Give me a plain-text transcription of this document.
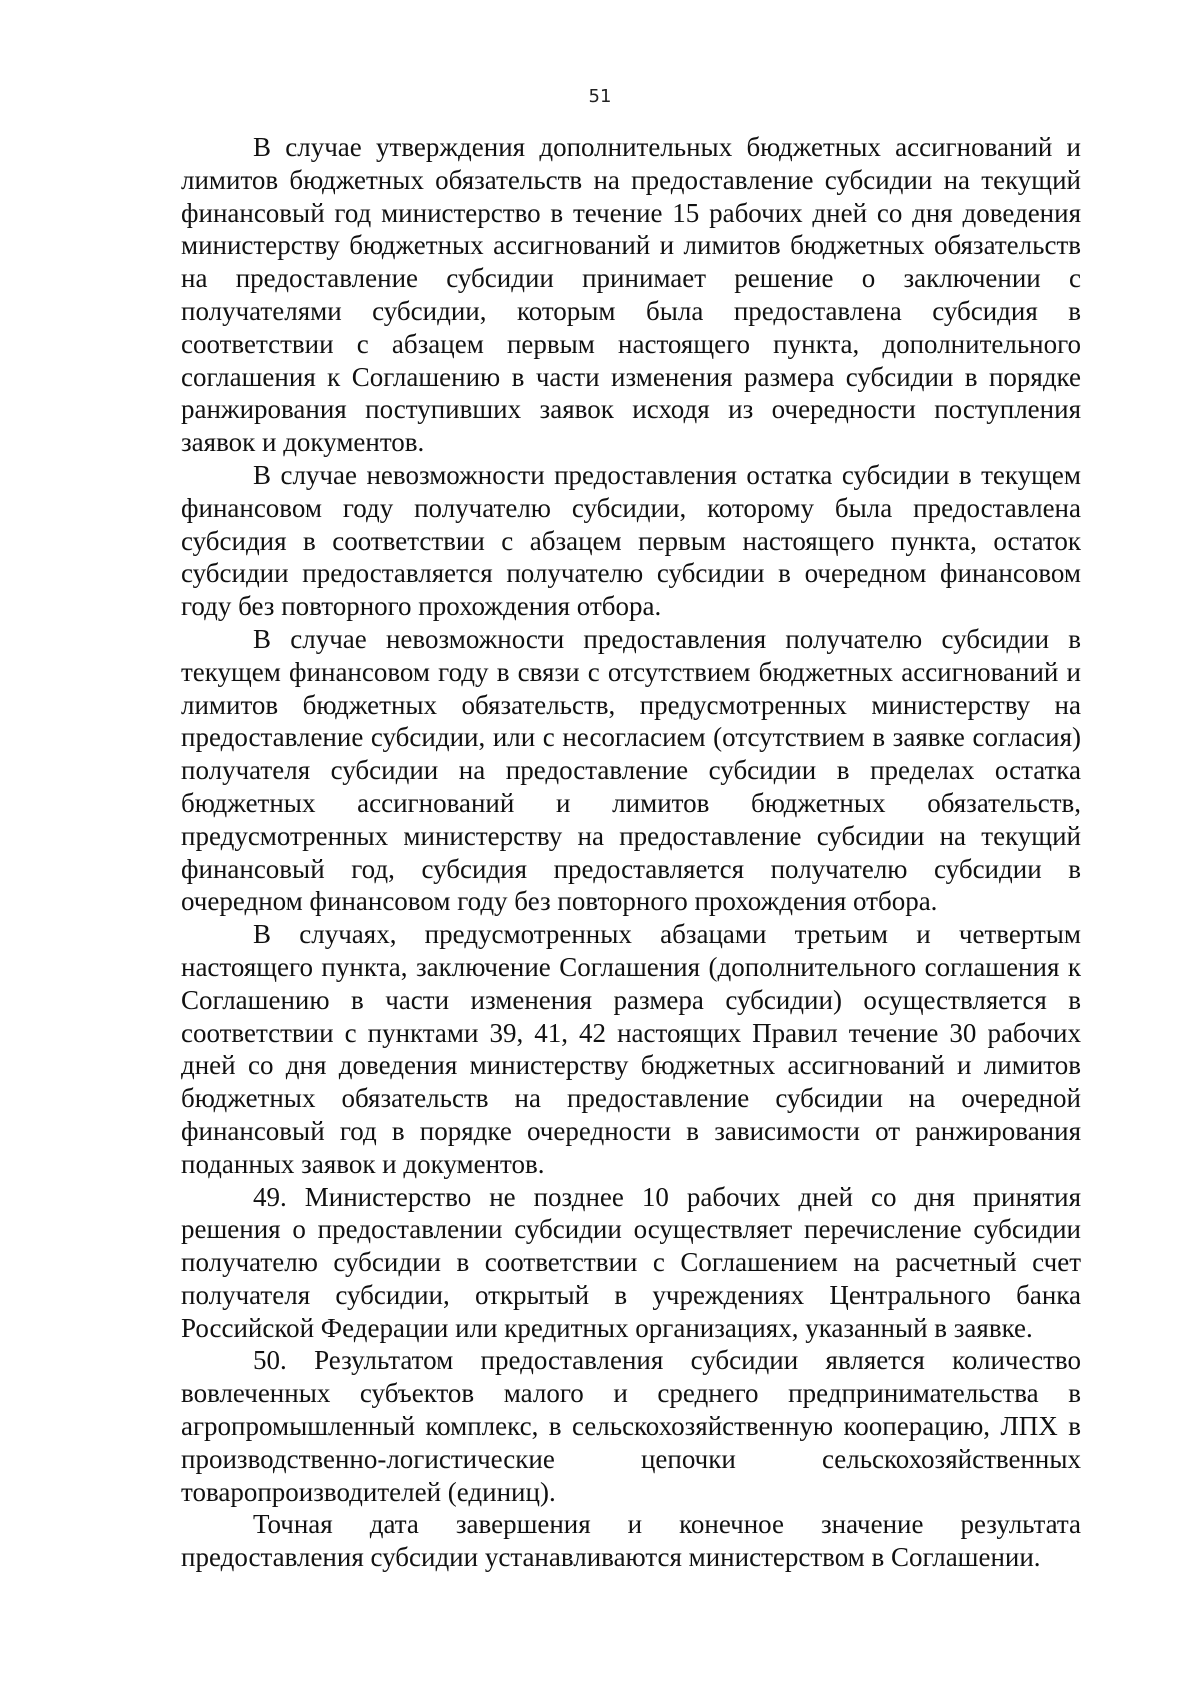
51

В случае утверждения дополнительных бюджетных ассигнований и лимитов бюджетных обязательств на предоставление субсидии на текущий финансовый год министерство в течение 15 рабочих дней со дня доведения министерству бюджетных ассигнований и лимитов бюджетных обязательств на предоставление субсидии принимает решение о заключении с получателями субсидии, которым была предоставлена субсидия в соответствии с абзацем первым настоящего пункта, дополнительного соглашения к Соглашению в части изменения размера субсидии в порядке ранжирования поступивших заявок исходя из очередности поступления заявок и документов.

В случае невозможности предоставления остатка субсидии в текущем финансовом году получателю субсидии, которому была предоставлена субсидия в соответствии с абзацем первым настоящего пункта, остаток субсидии предоставляется получателю субсидии в очередном финансовом году без повторного прохождения отбора.

В случае невозможности предоставления получателю субсидии в текущем финансовом году в связи с отсутствием бюджетных ассигнований и лимитов бюджетных обязательств, предусмотренных министерству на предоставление субсидии, или с несогласием (отсутствием в заявке согласия) получателя субсидии на предоставление субсидии в пределах остатка бюджетных ассигнований и лимитов бюджетных обязательств, предусмотренных министерству на предоставление субсидии на текущий финансовый год, субсидия предоставляется получателю субсидии в очередном финансовом году без повторного прохождения отбора.

В случаях, предусмотренных абзацами третьим и четвертым настоящего пункта, заключение Соглашения (дополнительного соглашения к Соглашению в части изменения размера субсидии) осуществляется в соответствии с пунктами 39, 41, 42 настоящих Правил течение 30 рабочих дней со дня доведения министерству бюджетных ассигнований и лимитов бюджетных обязательств на предоставление субсидии на очередной финансовый год в порядке очередности в зависимости от ранжирования поданных заявок и документов.

49. Министерство не позднее 10 рабочих дней со дня принятия решения о предоставлении субсидии осуществляет перечисление субсидии получателю субсидии в соответствии с Соглашением на расчетный счет получателя субсидии, открытый в учреждениях Центрального банка Российской Федерации или кредитных организациях, указанный в заявке.

50. Результатом предоставления субсидии является количество вовлеченных субъектов малого и среднего предпринимательства в агропромышленный комплекс, в сельскохозяйственную кооперацию, ЛПХ в производственно-логистические цепочки сельскохозяйственных товаропроизводителей (единиц).

Точная дата завершения и конечное значение результата предоставления субсидии устанавливаются министерством в Соглашении.
